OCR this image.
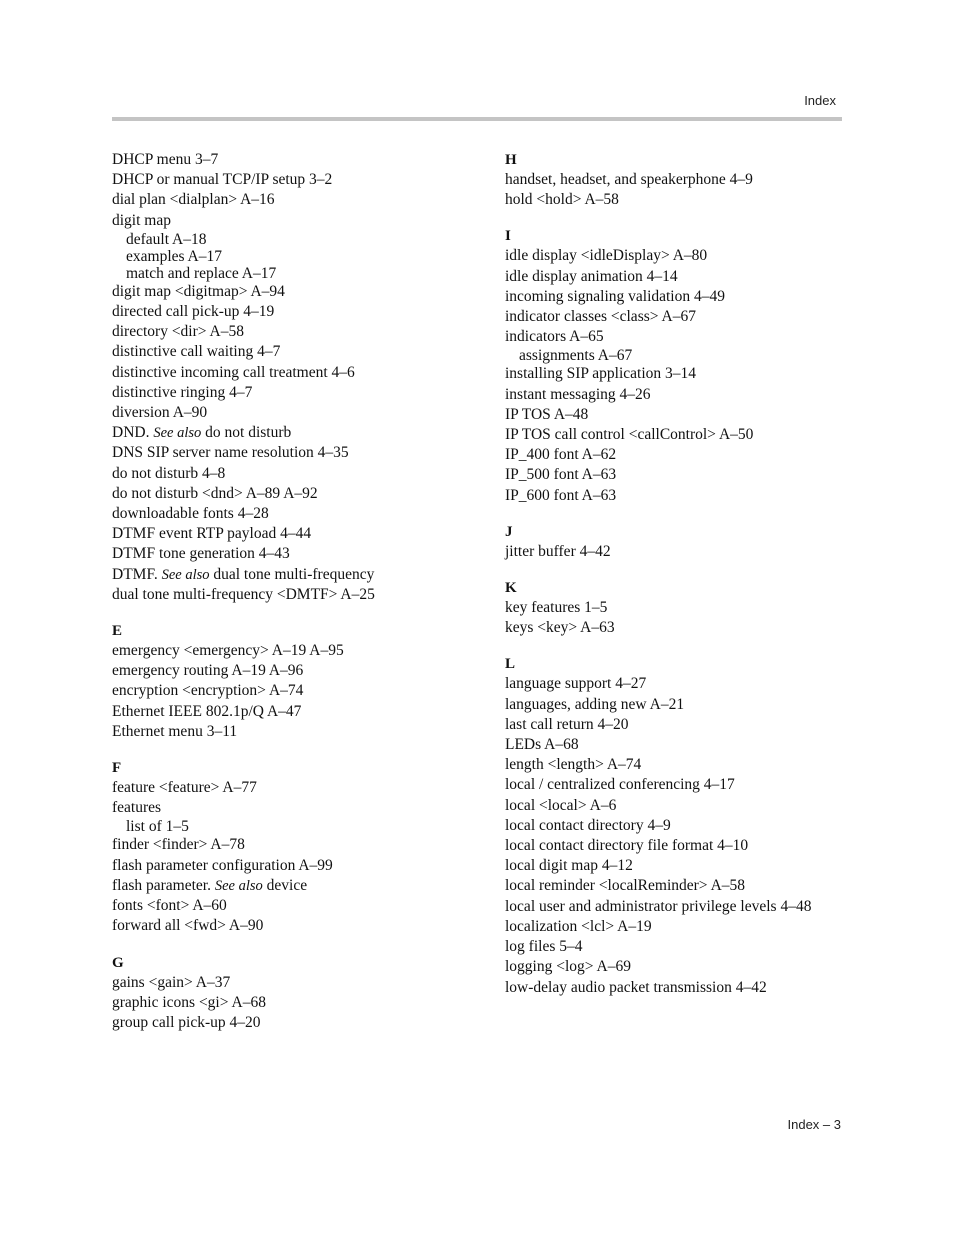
Index
DHCP menu 3–7
DHCP or manual TCP/IP setup 3–2
dial plan <dialplan> A–16
digit map
default A–18
examples A–17
match and replace A–17
digit map <digitmap> A–94
directed call pick-up 4–19
directory <dir> A–58
distinctive call waiting 4–7
distinctive incoming call treatment 4–6
distinctive ringing 4–7
diversion A–90
DND. See also do not disturb
DNS SIP server name resolution 4–35
do not disturb 4–8
do not disturb <dnd> A–89 A–92
downloadable fonts 4–28
DTMF event RTP payload 4–44
DTMF tone generation 4–43
DTMF. See also dual tone multi-frequency
dual tone multi-frequency <DMTF> A–25
E
emergency <emergency> A–19 A–95
emergency routing A–19 A–96
encryption <encryption> A–74
Ethernet IEEE 802.1p/Q A–47
Ethernet menu 3–11
F
feature <feature> A–77
features
list of 1–5
finder <finder> A–78
flash parameter configuration A–99
flash parameter. See also device
fonts <font> A–60
forward all <fwd> A–90
G
gains <gain> A–37
graphic icons <gi> A–68
group call pick-up 4–20
H
handset, headset, and speakerphone 4–9
hold <hold> A–58
I
idle display <idleDisplay> A–80
idle display animation 4–14
incoming signaling validation 4–49
indicator classes <class> A–67
indicators A–65
assignments A–67
installing SIP application 3–14
instant messaging 4–26
IP TOS A–48
IP TOS call control <callControl> A–50
IP_400 font A–62
IP_500 font A–63
IP_600 font A–63
J
jitter buffer 4–42
K
key features 1–5
keys <key> A–63
L
language support 4–27
languages, adding new A–21
last call return 4–20
LEDs A–68
length <length> A–74
local / centralized conferencing 4–17
local <local> A–6
local contact directory 4–9
local contact directory file format 4–10
local digit map 4–12
local reminder <localReminder> A–58
local user and administrator privilege levels 4–48
localization <lcl> A–19
log files 5–4
logging <log> A–69
low-delay audio packet transmission 4–42
Index – 3
